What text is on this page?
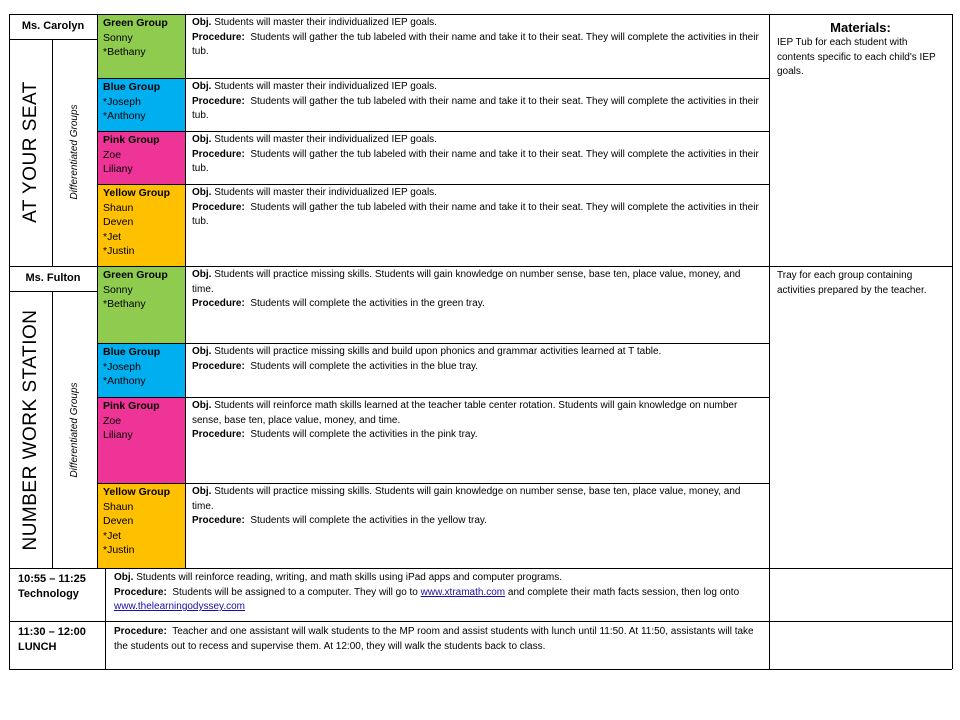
Ms. Carolyn
AT YOUR SEAT	Differentiated Groups
Green Group
Sonny
*Bethany

Obj. Students will master their individualized IEP goals.

Procedure: Students will gather the tub labeled with their name and take it to their seat. They will complete the activities in their tub.

Blue Group
*Joseph
*Anthony

Obj. Students will master their individualized IEP goals.

Procedure: Students will gather the tub labeled with their name and take it to their seat. They will complete the activities in their tub.

Pink Group
Zoe
Liliany

Obj. Students will master their individualized IEP goals.

Procedure: Students will gather the tub labeled with their name and take it to their seat. They will complete the activities in their tub.

Yellow Group
Shaun
Deven
*Jet
*Justin

Obj. Students will master their individualized IEP goals.

Procedure: Students will gather the tub labeled with their name and take it to their seat. They will complete the activities in their tub.

Materials:
IEP Tub for each student with contents specific to each child's IEP goals.
Ms. Fulton
NUMBER WORK STATION	Differentiated Groups
Green Group
Sonny
*Bethany

Obj. Students will practice missing skills. Students will gain knowledge on number sense, base ten, place value, money, and time.

Procedure: Students will complete the activities in the green tray.

Blue Group
*Joseph
*Anthony

Obj. Students will practice missing skills and build upon phonics and grammar activities learned at T table.

Procedure: Students will complete the activities in the blue tray.

Pink Group
Zoe
Liliany

Obj. Students will reinforce math skills learned at the teacher table center rotation. Students will gain knowledge on number sense, base ten, place value, money, and time.

Procedure: Students will complete the activities in the pink tray.

Yellow Group
Shaun
Deven
*Jet
*Justin

Obj. Students will practice missing skills. Students will gain knowledge on number sense, base ten, place value, money, and time.

Procedure: Students will complete the activities in the yellow tray.

Tray for each group containing activities prepared by the teacher.
10:55 – 11:25
Technology

Obj. Students will reinforce reading, writing, and math skills using iPad apps and computer programs.

Procedure: Students will be assigned to a computer. They will go to www.xtramath.com and complete their math facts session, then log onto www.thelearningodyssey.com

11:30 – 12:00
LUNCH

Procedure: Teacher and one assistant will walk students to the MP room and assist students with lunch until 11:50. At 11:50, assistants will take the students out to recess and supervise them. At 12:00, they will walk the students back to class.
